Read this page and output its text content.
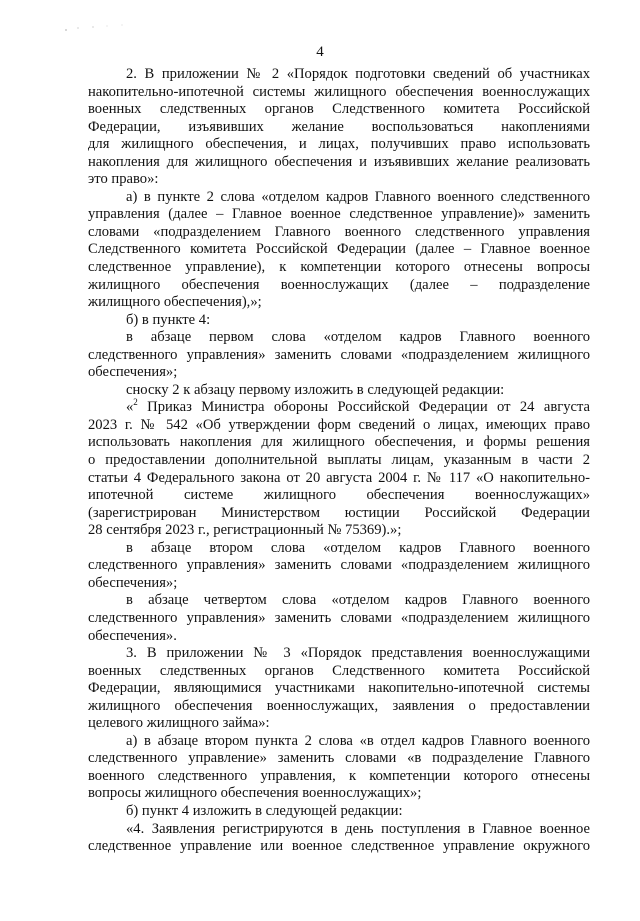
4

2. В приложении № 2 «Порядок подготовки сведений об участниках

накопительно-ипотечной системы жилищного обеспечения военнослужащих

военных следственных органов Следственного комитета Российской

Федерации, изъявивших желание воспользоваться накоплениями

для жилищного обеспечения, и лицах, получивших право использовать

накопления для жилищного обеспечения и изъявивших желание реализовать

это право»:

а) в пункте 2 слова «отделом кадров Главного военного следственного

управления (далее – Главное военное следственное управление)» заменить

словами «подразделением Главного военного следственного управления

Следственного комитета Российской Федерации (далее – Главное военное

следственное управление), к компетенции которого отнесены вопросы

жилищного обеспечения военнослужащих (далее – подразделение

жилищного обеспечения),»;

б) в пункте 4:

в абзаце первом слова «отделом кадров Главного военного

следственного управления» заменить словами «подразделением жилищного

обеспечения»;

сноску 2 к абзацу первому изложить в следующей редакции:

«$^2$ Приказ Министра обороны Российской Федерации от 24 августа

2023 г. № 542 «Об утверждении форм сведений о лицах, имеющих право

использовать накопления для жилищного обеспечения, и формы решения

о предоставлении дополнительной выплаты лицам, указанным в части 2

статьи 4 Федерального закона от 20 августа 2004 г. № 117 «О накопительно-

ипотечной системе жилищного обеспечения военнослужащих»

(зарегистрирован Министерством юстиции Российской Федерации

28 сентября 2023 г., регистрационный № 75369).»;

в абзаце втором слова «отделом кадров Главного военного

следственного управления» заменить словами «подразделением жилищного

обеспечения»;

в абзаце четвертом слова «отделом кадров Главного военного

следственного управления» заменить словами «подразделением жилищного

обеспечения».

3. В приложении № 3 «Порядок представления военнослужащими

военных следственных органов Следственного комитета Российской

Федерации, являющимися участниками накопительно-ипотечной системы

жилищного обеспечения военнослужащих, заявления о предоставлении

целевого жилищного займа»:

а) в абзаце втором пункта 2 слова «в отдел кадров Главного военного

следственного управление» заменить словами «в подразделение Главного

военного следственного управления, к компетенции которого отнесены

вопросы жилищного обеспечения военнослужащих»;

б) пункт 4 изложить в следующей редакции:

«4. Заявления регистрируются в день поступления в Главное военное

следственное управление или военное следственное управление окружного
